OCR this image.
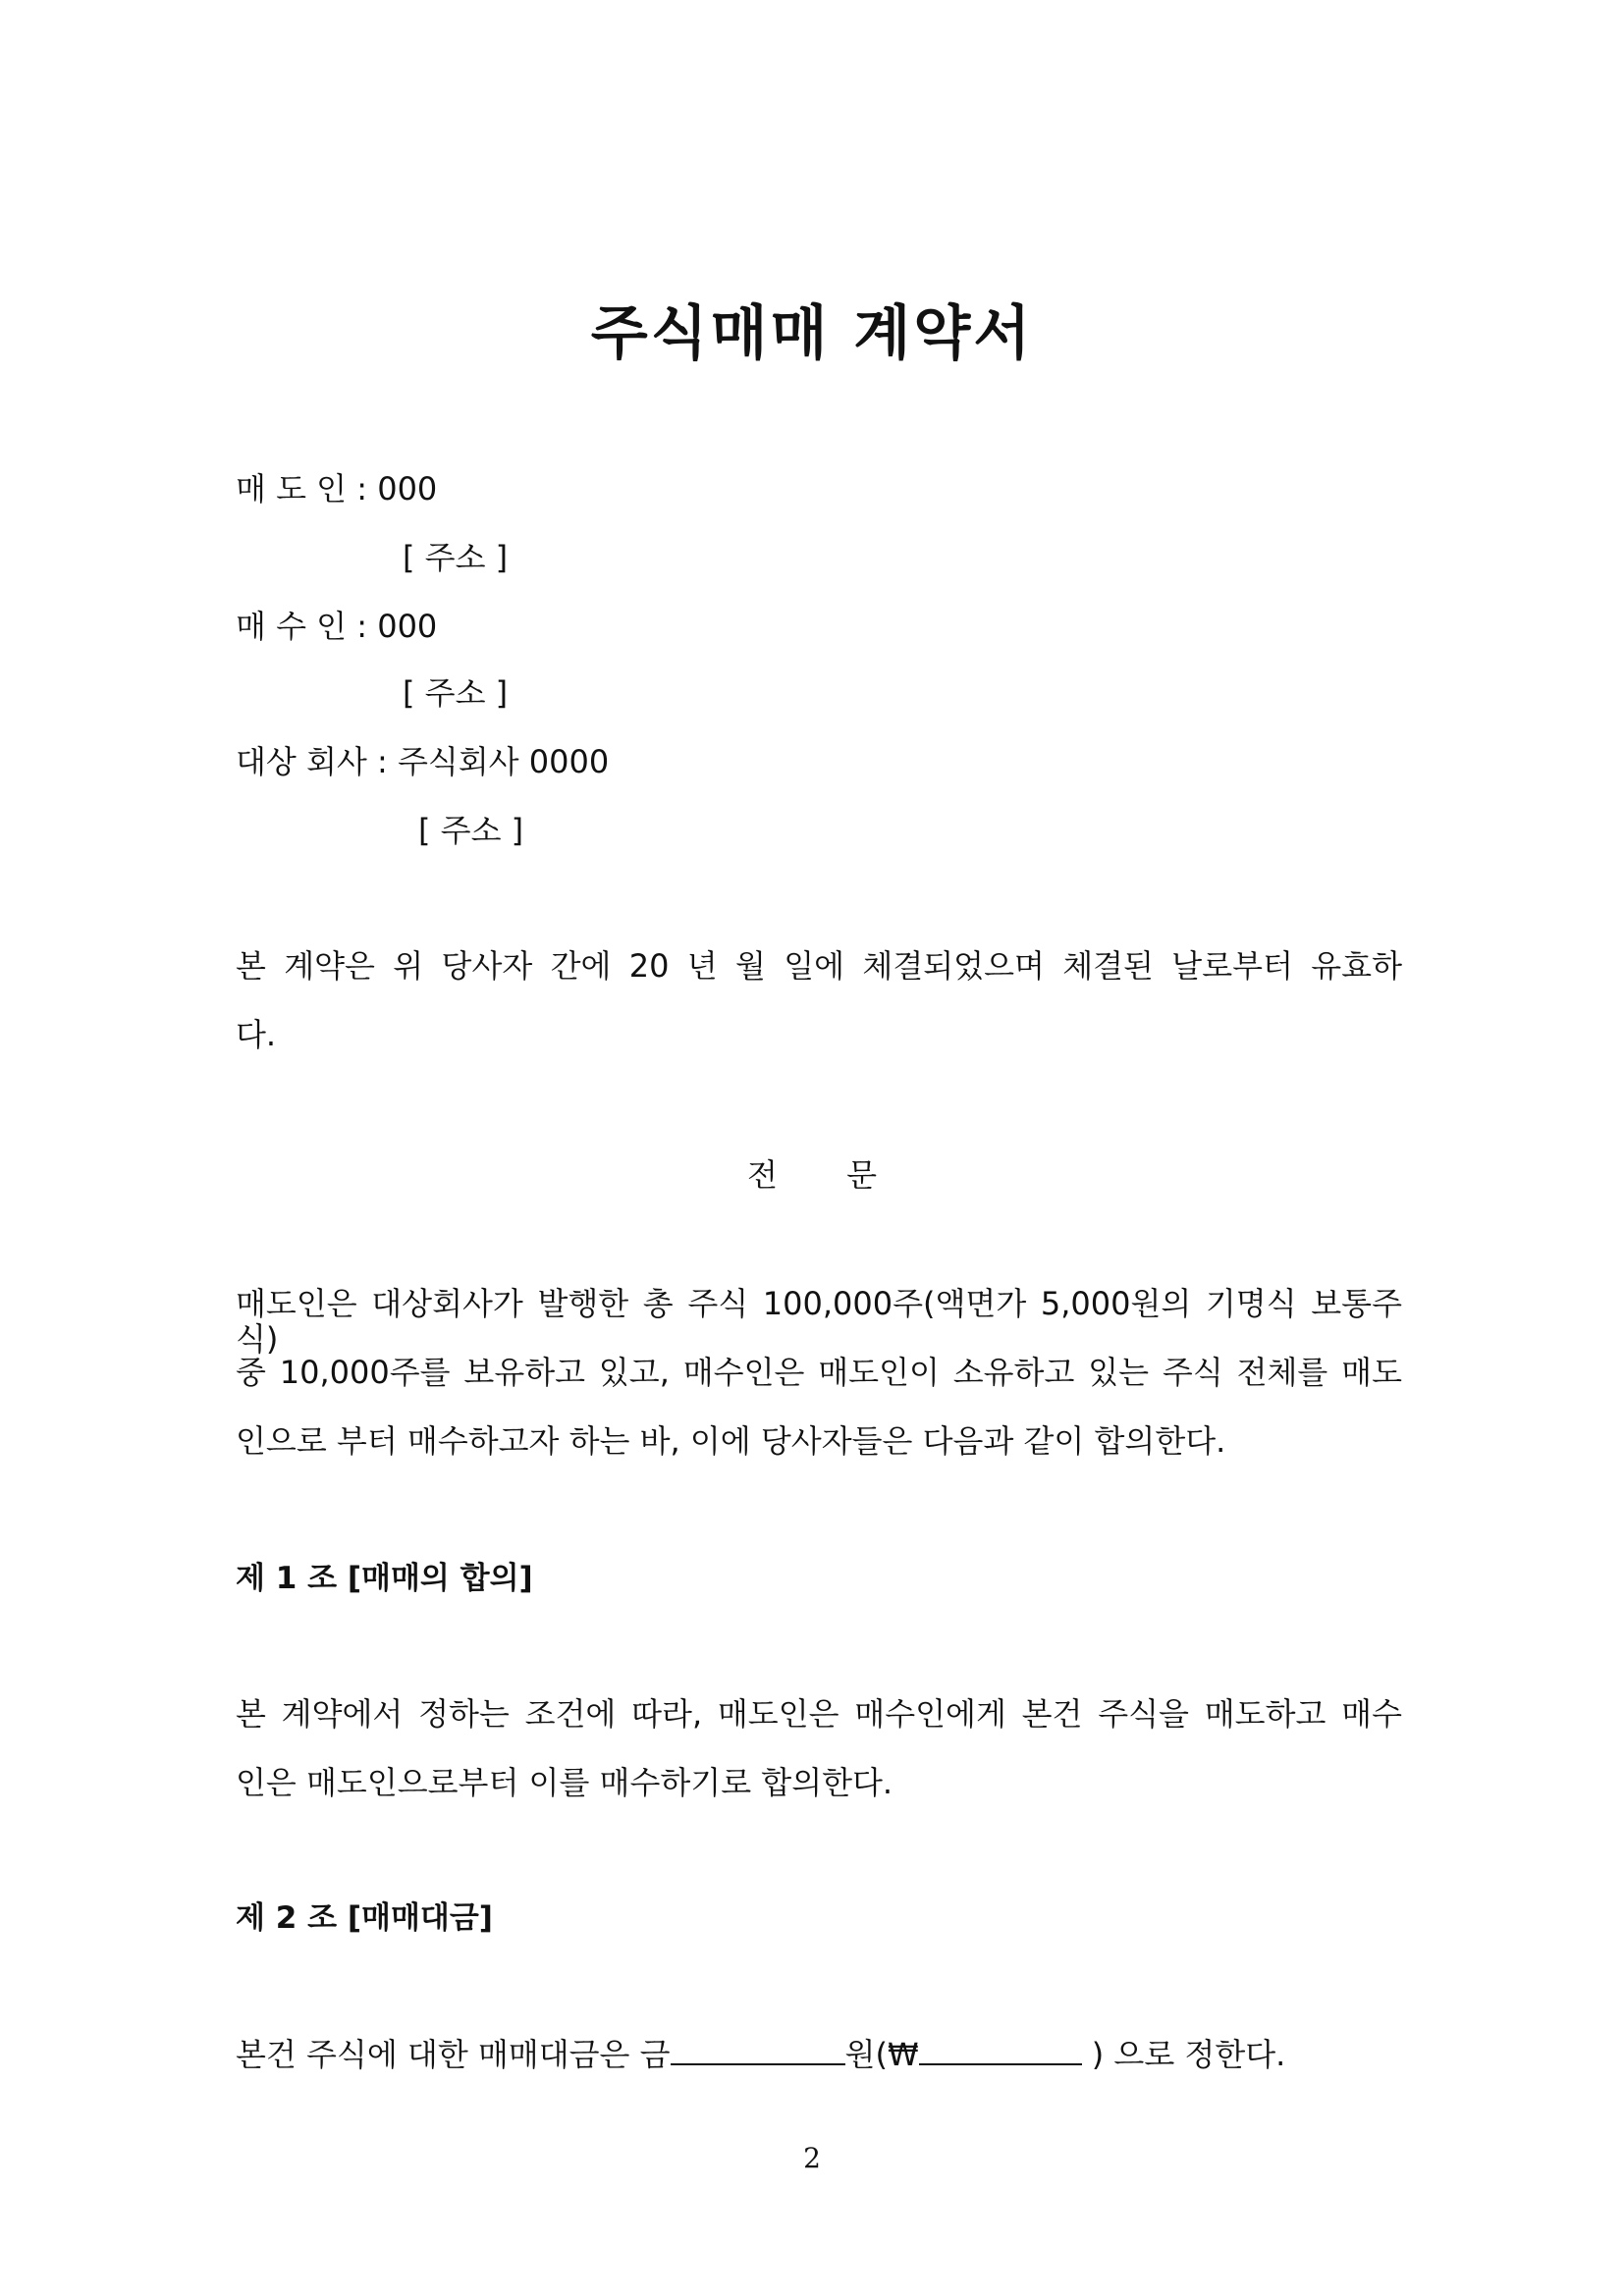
주식매매 계약서
매 도 인 : 000
[ 주소 ]
매 수 인 : 000
[ 주소 ]
대상 회사 : 주식회사 0000
[ 주소 ]
본 계약은 위 당사자 간에 20 년 월 일에 체결되었으며 체결된 날로부터 유효하
다.
전 문
매도인은 대상회사가 발행한 총 주식 100,000주(액면가 5,000원의 기명식 보통주식)
중 10,000주를 보유하고 있고, 매수인은 매도인이 소유하고 있는 주식 전체를 매도
인으로 부터 매수하고자 하는 바, 이에 당사자들은 다음과 같이 합의한다.
제 1 조 [매매의 합의]
본 계약에서 정하는 조건에 따라, 매도인은 매수인에게 본건 주식을 매도하고 매수
인은 매도인으로부터 이를 매수하기로 합의한다.
제 2 조 [매매대금]
본건 주식에 대한 매매대금은 금	원(₩	) 으로 정한다.
2
